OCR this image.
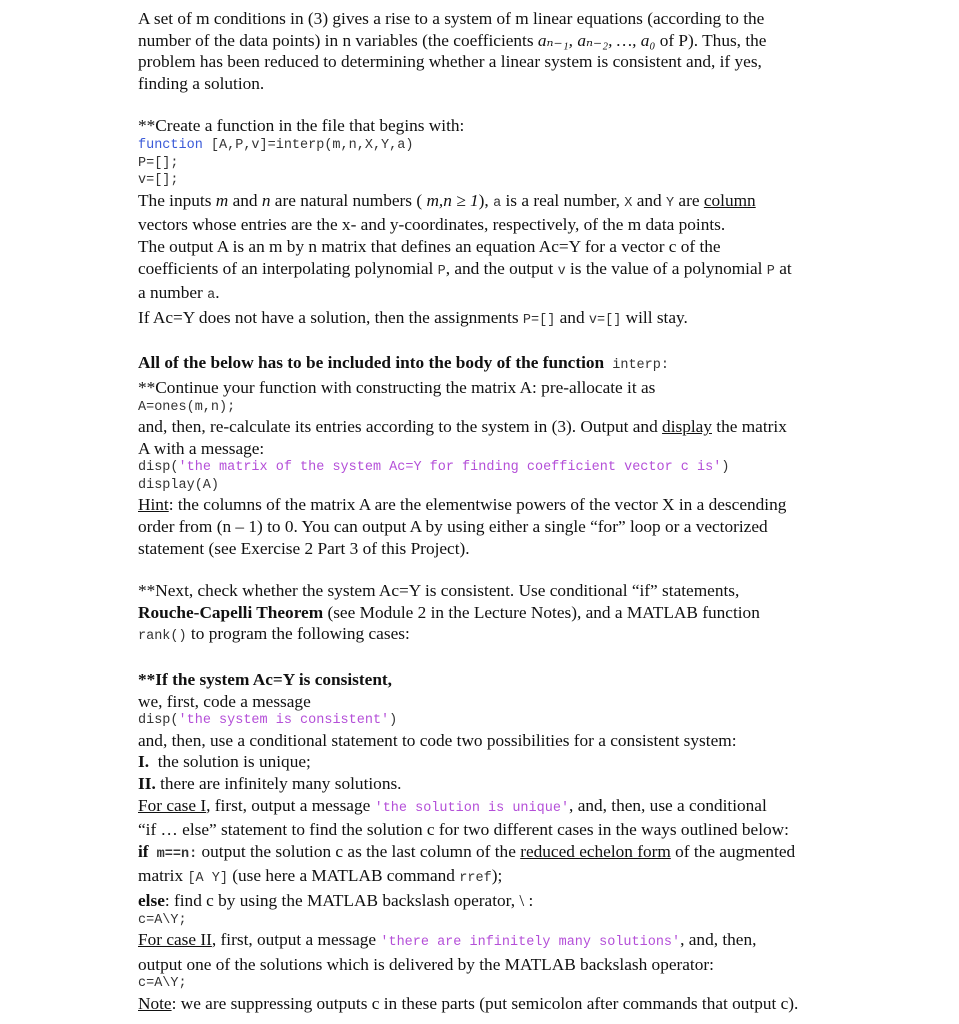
A set of m conditions in (3) gives a rise to a system of m linear equations (according to the
number of the data points) in n variables (the coefficients aₙ₋₁, aₙ₋₂, …, a₀ of P). Thus, the
problem has been reduced to determining whether a linear system is consistent and, if yes,
finding a solution.
**Create a function in the file that begins with:
function [A,P,v]=interp(m,n,X,Y,a)
P=[];
v=[];
The inputs m and n are natural numbers ( m,n ≥ 1), a is a real number, X and Y are column
vectors whose entries are the x- and y-coordinates, respectively, of the m data points.
The output A is an m by n matrix that defines an equation Ac=Y for a vector c of the
coefficients of an interpolating polynomial P, and the output v is the value of a polynomial P at
a number a.
If Ac=Y does not have a solution, then the assignments P=[] and v=[] will stay.
All of the below has to be included into the body of the function interp:
**Continue your function with constructing the matrix A: pre-allocate it as
A=ones(m,n);
and, then, re-calculate its entries according to the system in (3). Output and display the matrix
A with a message:
disp('the matrix of the system Ac=Y for finding coefficient vector c is')
display(A)
Hint: the columns of the matrix A are the elementwise powers of the vector X in a descending
order from (n – 1) to 0. You can output A by using either a single “for” loop or a vectorized
statement (see Exercise 2 Part 3 of this Project).
**Next, check whether the system Ac=Y is consistent. Use conditional “if” statements,
Rouche-Capelli Theorem (see Module 2 in the Lecture Notes), and a MATLAB function
rank() to program the following cases:
**If the system Ac=Y is consistent,
we, first, code a message
disp('the system is consistent')
and, then, use a conditional statement to code two possibilities for a consistent system:
I.  the solution is unique;
II. there are infinitely many solutions.
For case I, first, output a message 'the solution is unique', and, then, use a conditional
“if … else” statement to find the solution c for two different cases in the ways outlined below:
if m==n: output the solution c as the last column of the reduced echelon form of the augmented
matrix [A Y] (use here a MATLAB command rref);
else: find c by using the MATLAB backslash operator, \ :
c=A\Y;
For case II, first, output a message 'there are infinitely many solutions', and, then,
output one of the solutions which is delivered by the MATLAB backslash operator:
c=A\Y;
Note: we are suppressing outputs c in these parts (put semicolon after commands that output c).
